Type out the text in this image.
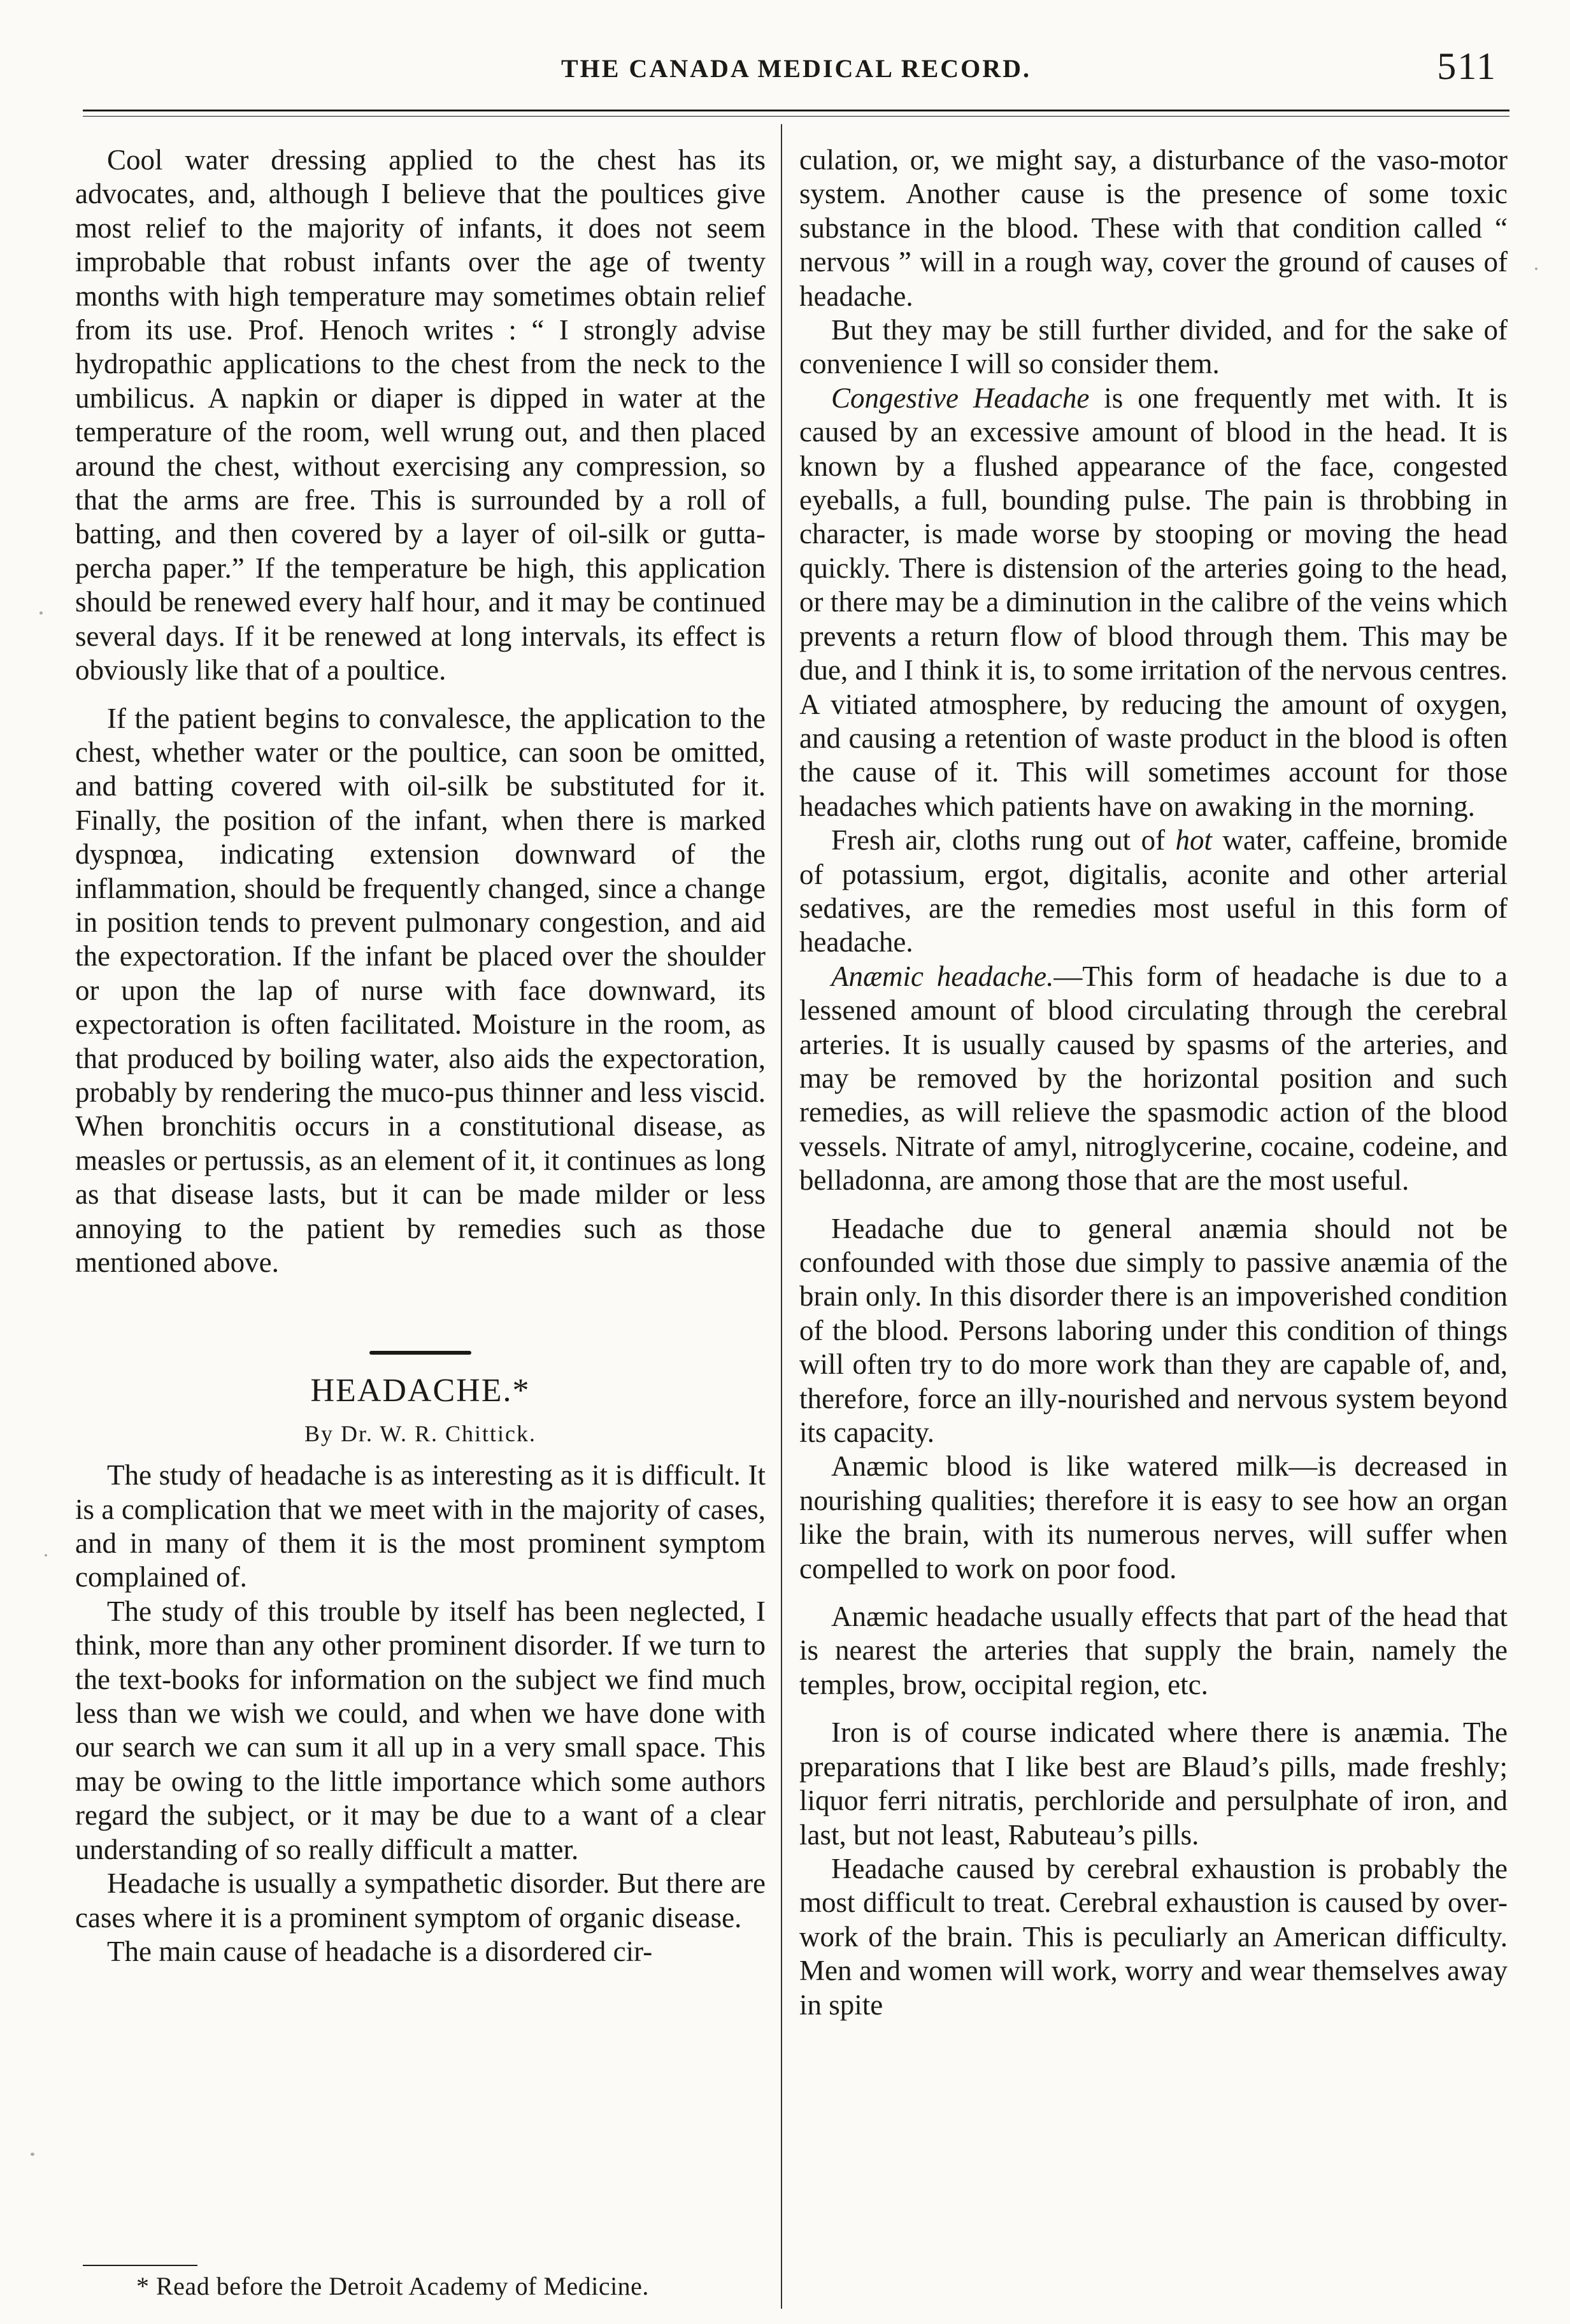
THE CANADA MEDICAL RECORD.	511

Cool water dressing applied to the chest has its advocates, and, although I believe that the poultices give most relief to the majority of infants, it does not seem improbable that robust infants over the age of twenty months with high temperature may sometimes obtain relief from its use. Prof. Henoch writes : “ I strongly advise hydropathic applications to the chest from the neck to the umbilicus. A napkin or diaper is dipped in water at the temperature of the room, well wrung out, and then placed around the chest, without exercising any compression, so that the arms are free. This is surrounded by a roll of batting, and then covered by a layer of oil-silk or gutta-percha paper.” If the temperature be high, this application should be renewed every half hour, and it may be continued several days. If it be renewed at long intervals, its effect is obviously like that of a poultice.

If the patient begins to convalesce, the application to the chest, whether water or the poultice, can soon be omitted, and batting covered with oil-silk be substituted for it. Finally, the position of the infant, when there is marked dyspnœa, indicating extension downward of the inflammation, should be frequently changed, since a change in position tends to prevent pulmonary congestion, and aid the expectoration. If the infant be placed over the shoulder or upon the lap of nurse with face downward, its expectoration is often facilitated. Moisture in the room, as that produced by boiling water, also aids the expectoration, probably by rendering the muco-pus thinner and less viscid. When bronchitis occurs in a constitutional disease, as measles or pertussis, as an element of it, it continues as long as that disease lasts, but it can be made milder or less annoying to the patient by remedies such as those mentioned above.

HEADACHE.*
By Dr. W. R. Chittick.

The study of headache is as interesting as it is difficult. It is a complication that we meet with in the majority of cases, and in many of them it is the most prominent symptom complained of.

The study of this trouble by itself has been neglected, I think, more than any other prominent disorder. If we turn to the text-books for information on the subject we find much less than we wish we could, and when we have done with our search we can sum it all up in a very small space. This may be owing to the little importance which some authors regard the subject, or it may be due to a want of a clear understanding of so really difficult a matter.

Headache is usually a sympathetic disorder. But there are cases where it is a prominent symptom of organic disease.

The main cause of headache is a disordered cir-

* Read before the Detroit Academy of Medicine.

culation, or, we might say, a disturbance of the vaso-motor system. Another cause is the presence of some toxic substance in the blood. These with that condition called “ nervous ” will in a rough way, cover the ground of causes of headache.

But they may be still further divided, and for the sake of convenience I will so consider them.

Congestive Headache is one frequently met with. It is caused by an excessive amount of blood in the head. It is known by a flushed appearance of the face, congested eyeballs, a full, bounding pulse. The pain is throbbing in character, is made worse by stooping or moving the head quickly. There is distension of the arteries going to the head, or there may be a diminution in the calibre of the veins which prevents a return flow of blood through them. This may be due, and I think it is, to some irritation of the nervous centres. A vitiated atmosphere, by reducing the amount of oxygen, and causing a retention of waste product in the blood is often the cause of it. This will sometimes account for those headaches which patients have on awaking in the morning.

Fresh air, cloths rung out of hot water, caffeine, bromide of potassium, ergot, digitalis, aconite and other arterial sedatives, are the remedies most useful in this form of headache.

Anæmic headache.—This form of headache is due to a lessened amount of blood circulating through the cerebral arteries. It is usually caused by spasms of the arteries, and may be removed by the horizontal position and such remedies, as will relieve the spasmodic action of the blood vessels. Nitrate of amyl, nitroglycerine, cocaine, codeine, and belladonna, are among those that are the most useful.

Headache due to general anæmia should not be confounded with those due simply to passive anæmia of the brain only. In this disorder there is an impoverished condition of the blood. Persons laboring under this condition of things will often try to do more work than they are capable of, and, therefore, force an illy-nourished and nervous system beyond its capacity.

Anæmic blood is like watered milk—is decreased in nourishing qualities; therefore it is easy to see how an organ like the brain, with its numerous nerves, will suffer when compelled to work on poor food.

Anæmic headache usually effects that part of the head that is nearest the arteries that supply the brain, namely the temples, brow, occipital region, etc.

Iron is of course indicated where there is anæmia. The preparations that I like best are Blaud’s pills, made freshly; liquor ferri nitratis, perchloride and persulphate of iron, and last, but not least, Rabuteau’s pills.

Headache caused by cerebral exhaustion is probably the most difficult to treat. Cerebral exhaustion is caused by over-work of the brain. This is peculiarly an American difficulty. Men and women will work, worry and wear themselves away in spite
